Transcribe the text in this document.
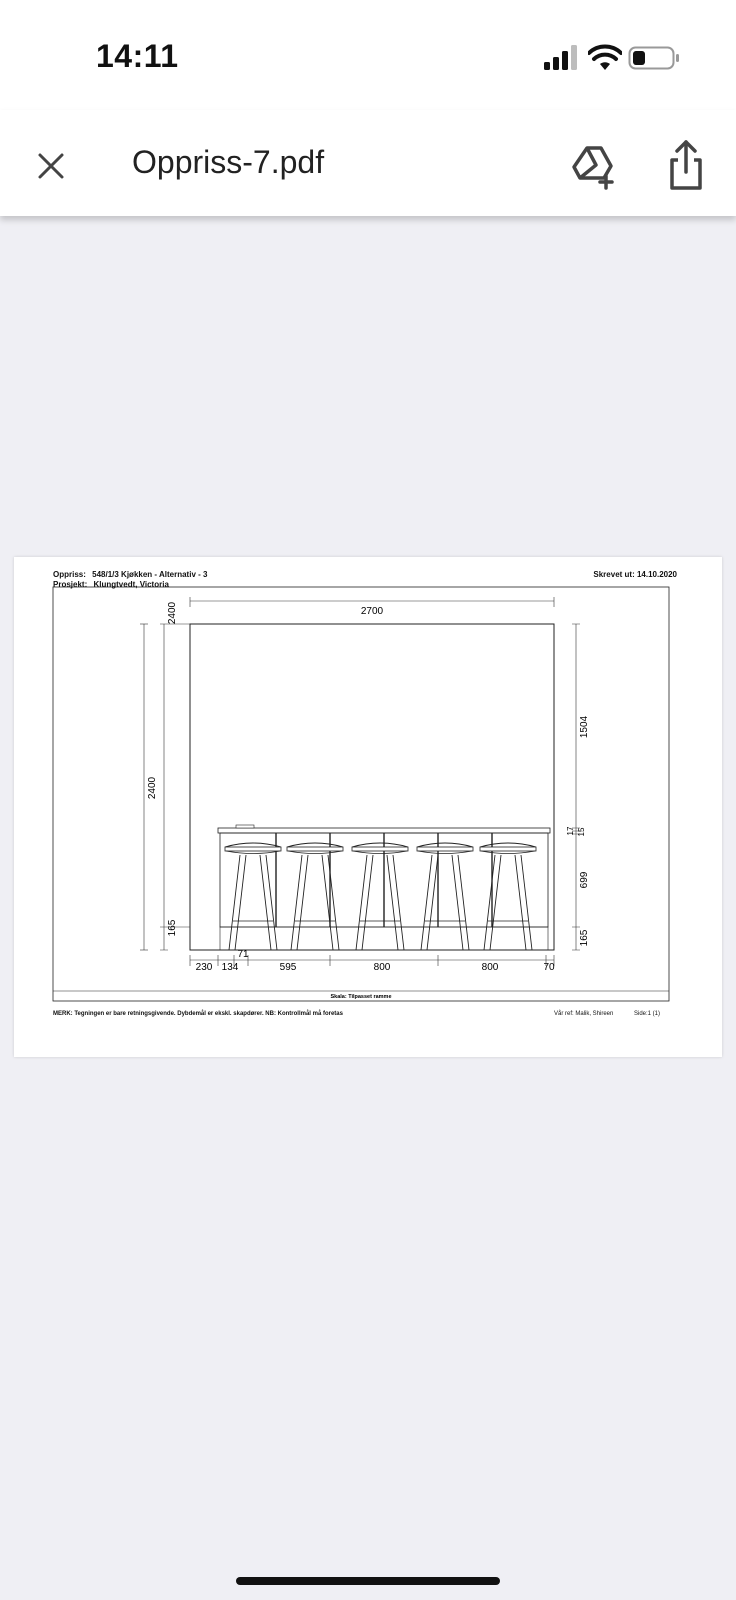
14:11
Oppriss-7.pdf
Oppriss: 548/1/3 Kjøkken - Alternativ - 3
Prosjekt: Klungtvedt, Victoria
Skrevet ut: 14.10.2020
Skala: Tilpasset ramme
2700
2400
2400
165
1504
17 15
699
165
71
230 134	595	800	800	70
MERK: Tegningen er bare retningsgivende. Dybdemål er ekskl. skapdører. NB: Kontrollmål må foretas	Vår ref: Malik, Shireen	Side:1 (1)
